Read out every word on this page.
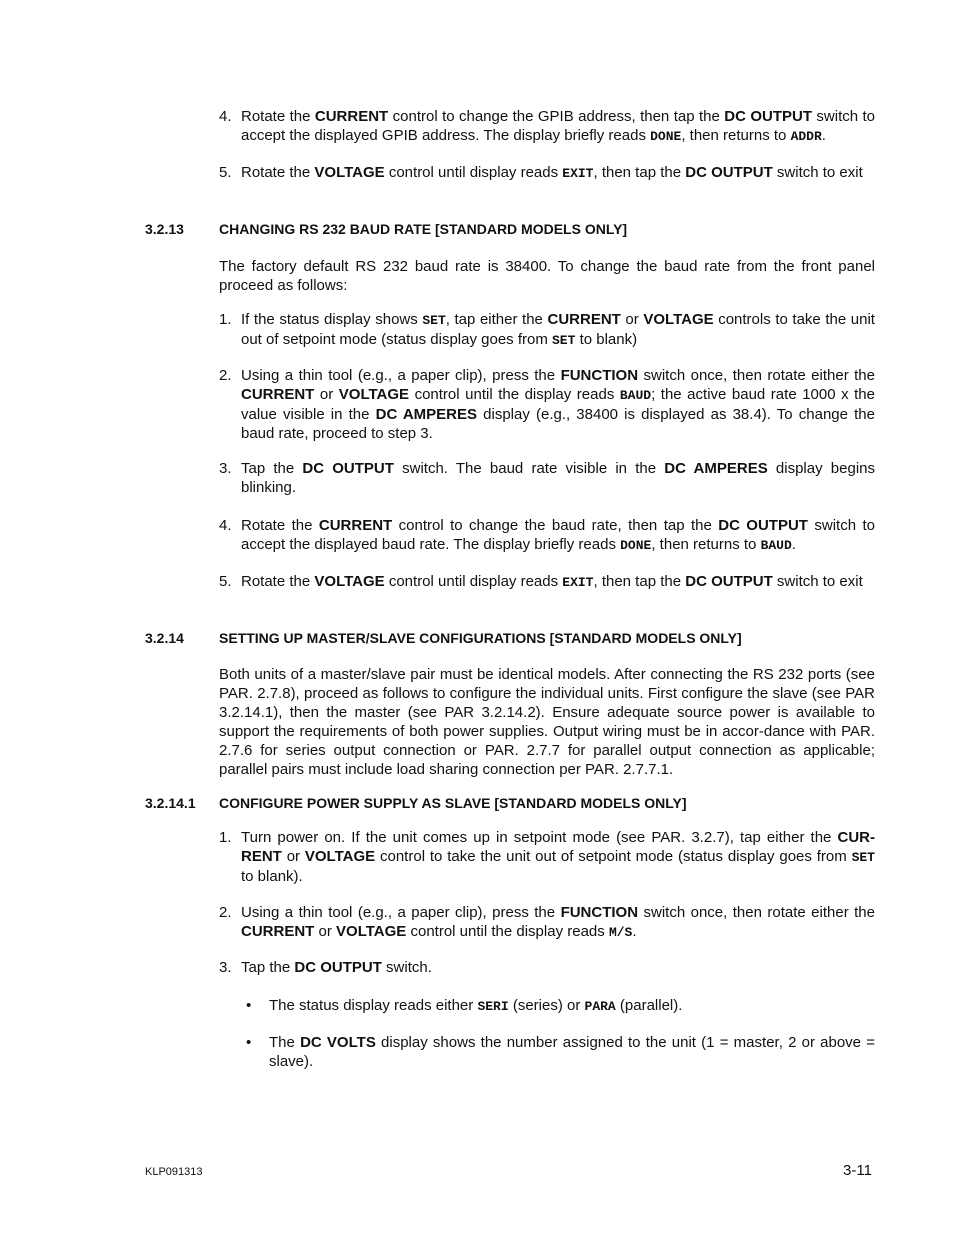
4. Rotate the CURRENT control to change the GPIB address, then tap the DC OUTPUT switch to accept the displayed GPIB address. The display briefly reads DONE, then returns to ADDR.
5. Rotate the VOLTAGE control until display reads EXIT, then tap the DC OUTPUT switch to exit
3.2.13	CHANGING RS 232 BAUD RATE [STANDARD MODELS ONLY]
The factory default RS 232 baud rate is 38400. To change the baud rate from the front panel proceed as follows:
1. If the status display shows SET, tap either the CURRENT or VOLTAGE controls to take the unit out of setpoint mode (status display goes from SET to blank)
2. Using a thin tool (e.g., a paper clip), press the FUNCTION switch once, then rotate either the CURRENT or VOLTAGE control until the display reads BAUD; the active baud rate 1000 x the value visible in the DC AMPERES display (e.g., 38400 is displayed as 38.4). To change the baud rate, proceed to step 3.
3. Tap the DC OUTPUT switch. The baud rate visible in the DC AMPERES display begins blinking.
4. Rotate the CURRENT control to change the baud rate, then tap the DC OUTPUT switch to accept the displayed baud rate. The display briefly reads DONE, then returns to BAUD.
5. Rotate the VOLTAGE control until display reads EXIT, then tap the DC OUTPUT switch to exit
3.2.14	SETTING UP MASTER/SLAVE CONFIGURATIONS [STANDARD MODELS ONLY]
Both units of a master/slave pair must be identical models. After connecting the RS 232 ports (see PAR. 2.7.8), proceed as follows to configure the individual units. First configure the slave (see PAR 3.2.14.1), then the master (see PAR 3.2.14.2). Ensure adequate source power is available to support the requirements of both power supplies. Output wiring must be in accor-dance with PAR. 2.7.6 for series output connection or PAR. 2.7.7 for parallel output connection as applicable; parallel pairs must include load sharing connection per PAR. 2.7.7.1.
3.2.14.1 CONFIGURE POWER SUPPLY AS SLAVE [STANDARD MODELS ONLY]
1. Turn power on. If the unit comes up in setpoint mode (see PAR. 3.2.7), tap either the CUR-RENT or VOLTAGE control to take the unit out of setpoint mode (status display goes from SET to blank).
2. Using a thin tool (e.g., a paper clip), press the FUNCTION switch once, then rotate either the CURRENT or VOLTAGE control until the display reads M/S.
3. Tap the DC OUTPUT switch.
• The status display reads either SERI (series) or PARA (parallel).
• The DC VOLTS display shows the number assigned to the unit (1 = master, 2 or above = slave).
KLP091313	3-11
